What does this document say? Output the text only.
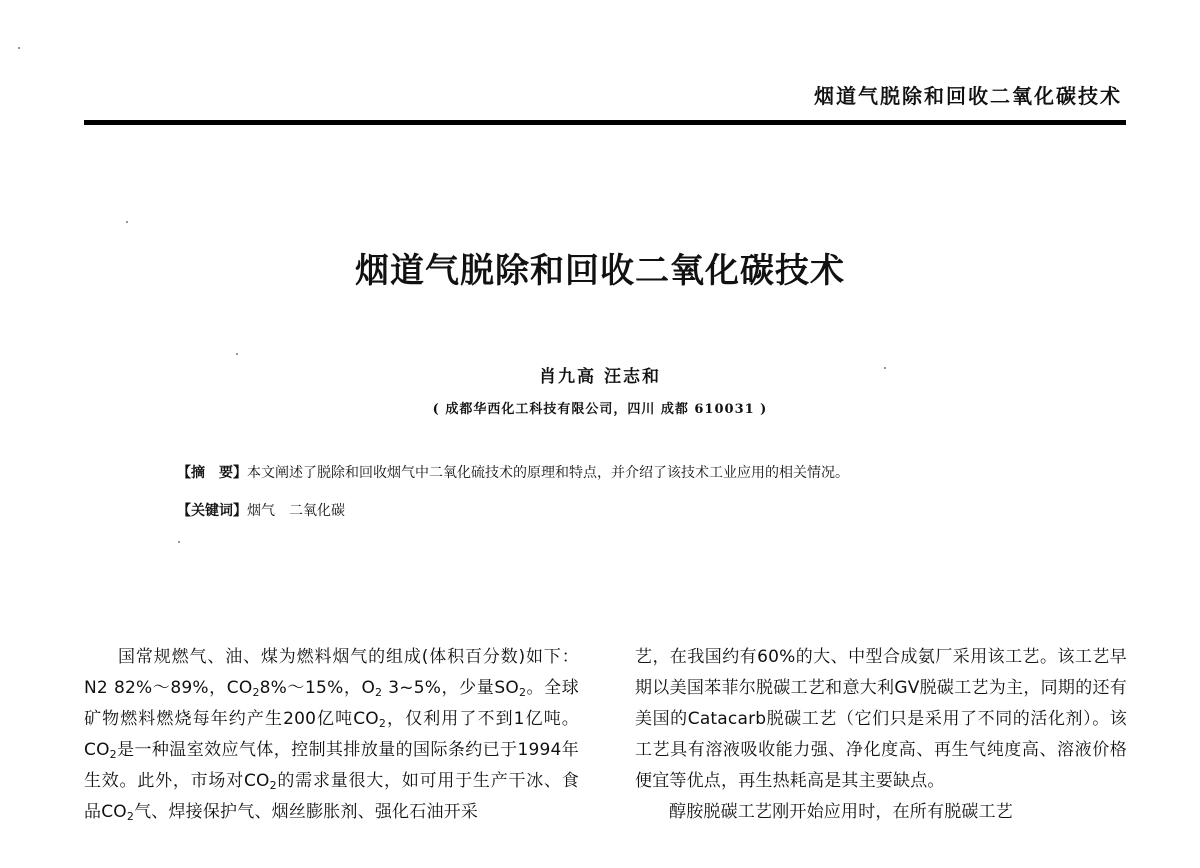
烟道气脱除和回收二氧化碳技术
烟道气脱除和回收二氧化碳技术
肖九高 汪志和
( 成都华西化工科技有限公司，四川 成都 610031 )
【摘　要】本文阐述了脱除和回收烟气中二氧化硫技术的原理和特点，并介绍了该技术工业应用的相关情况。
【关键词】烟气　二氧化碳

国常规燃气、油、煤为燃料烟气的组成(体积百分数)如下：N2 82%～89%，$CO_28\%\sim 15\%$，$O_2$ 3~5%，少量$SO_2$。全球矿物燃料燃烧每年约产生200亿吨$CO_2$，仅利用了不到1亿吨。$CO_2$是一种温室效应气体，控制其排放量的国际条约已于1994年生效。此外，市场对$CO_2$的需求量很大，如可用于生产干冰、食品$CO_2$气、焊接保护气、烟丝膨胀剂、强化石油开采

艺，在我国约有60%的大、中型合成氨厂采用该工艺。该工艺早期以美国苯菲尔脱碳工艺和意大利GV脱碳工艺为主，同期的还有美国的Catacarb脱碳工艺（它们只是采用了不同的活化剂）。该工艺具有溶液吸收能力强、净化度高、再生气纯度高、溶液价格便宜等优点，再生热耗高是其主要缺点。

醇胺脱碳工艺刚开始应用时，在所有脱碳工艺
